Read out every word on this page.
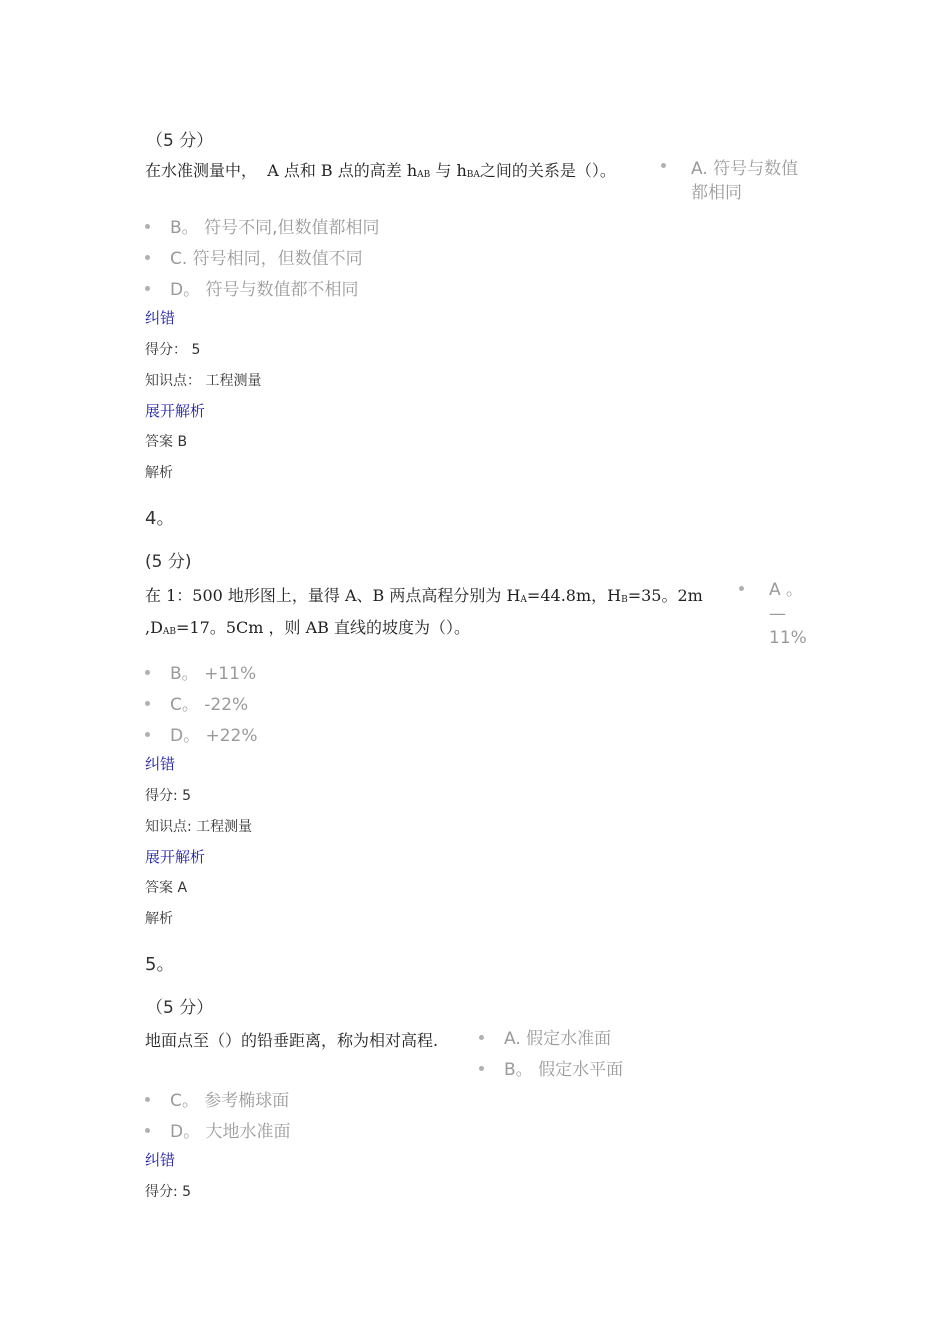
（5 分）
在水准测量中， A 点和 B 点的高差 $h_{AB}$ 与 $h_{BA}$之间的关系是（）。	A. 符号与数值
都相同
B。 符号不同,但数值都相同
C. 符号相同，但数值不同
D。 符号与数值都不相同
纠错
得分： 5
知识点： 工程测量
展开解析
答案 B
解析
4。
(5 分)
在 1：500 地形图上，量得 A、B 两点高程分别为 $H_A=44.8m$，$H_B=35$。2m
$,D_{AB}=17$。5Cm ，则 AB 直线的坡度为（）。
A 。
—
11%
B。 +11%
C。 -22%
D。 +22%
纠错
得分: 5
知识点: 工程测量
展开解析
答案 A
解析
5。
（5 分）
地面点至（）的铅垂距离，称为相对高程.	A. 假定水准面
B。 假定水平面
C。 参考椭球面
D。 大地水准面
纠错
得分: 5
